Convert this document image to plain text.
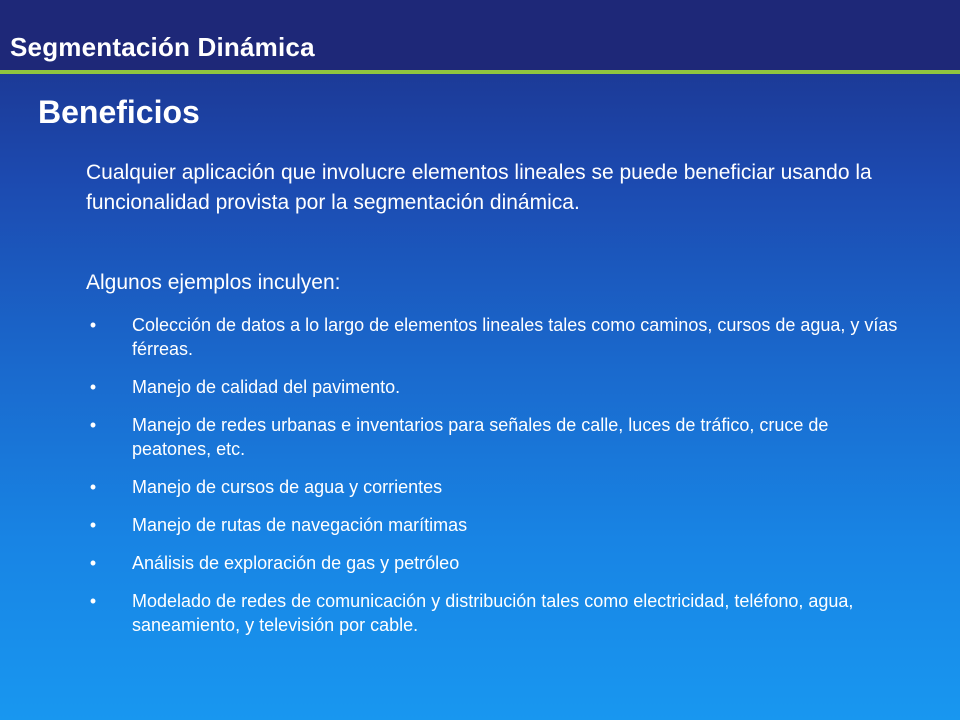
Segmentación Dinámica
Beneficios

Cualquier aplicación que involucre elementos lineales se puede beneficiar usando la funcionalidad provista por la segmentación dinámica.

Algunos ejemplos inculyen:

• Colección de datos a lo largo de elementos lineales tales como caminos, cursos de agua, y vías férreas.
• Manejo de calidad del pavimento.
• Manejo de redes urbanas e inventarios para señales de calle, luces de tráfico, cruce de peatones, etc.
• Manejo de cursos de agua y corrientes
• Manejo de rutas de navegación marítimas
• Análisis de exploración de gas y petróleo
• Modelado de redes de comunicación y distribución tales como electricidad, teléfono, agua, saneamiento, y televisión por cable.
